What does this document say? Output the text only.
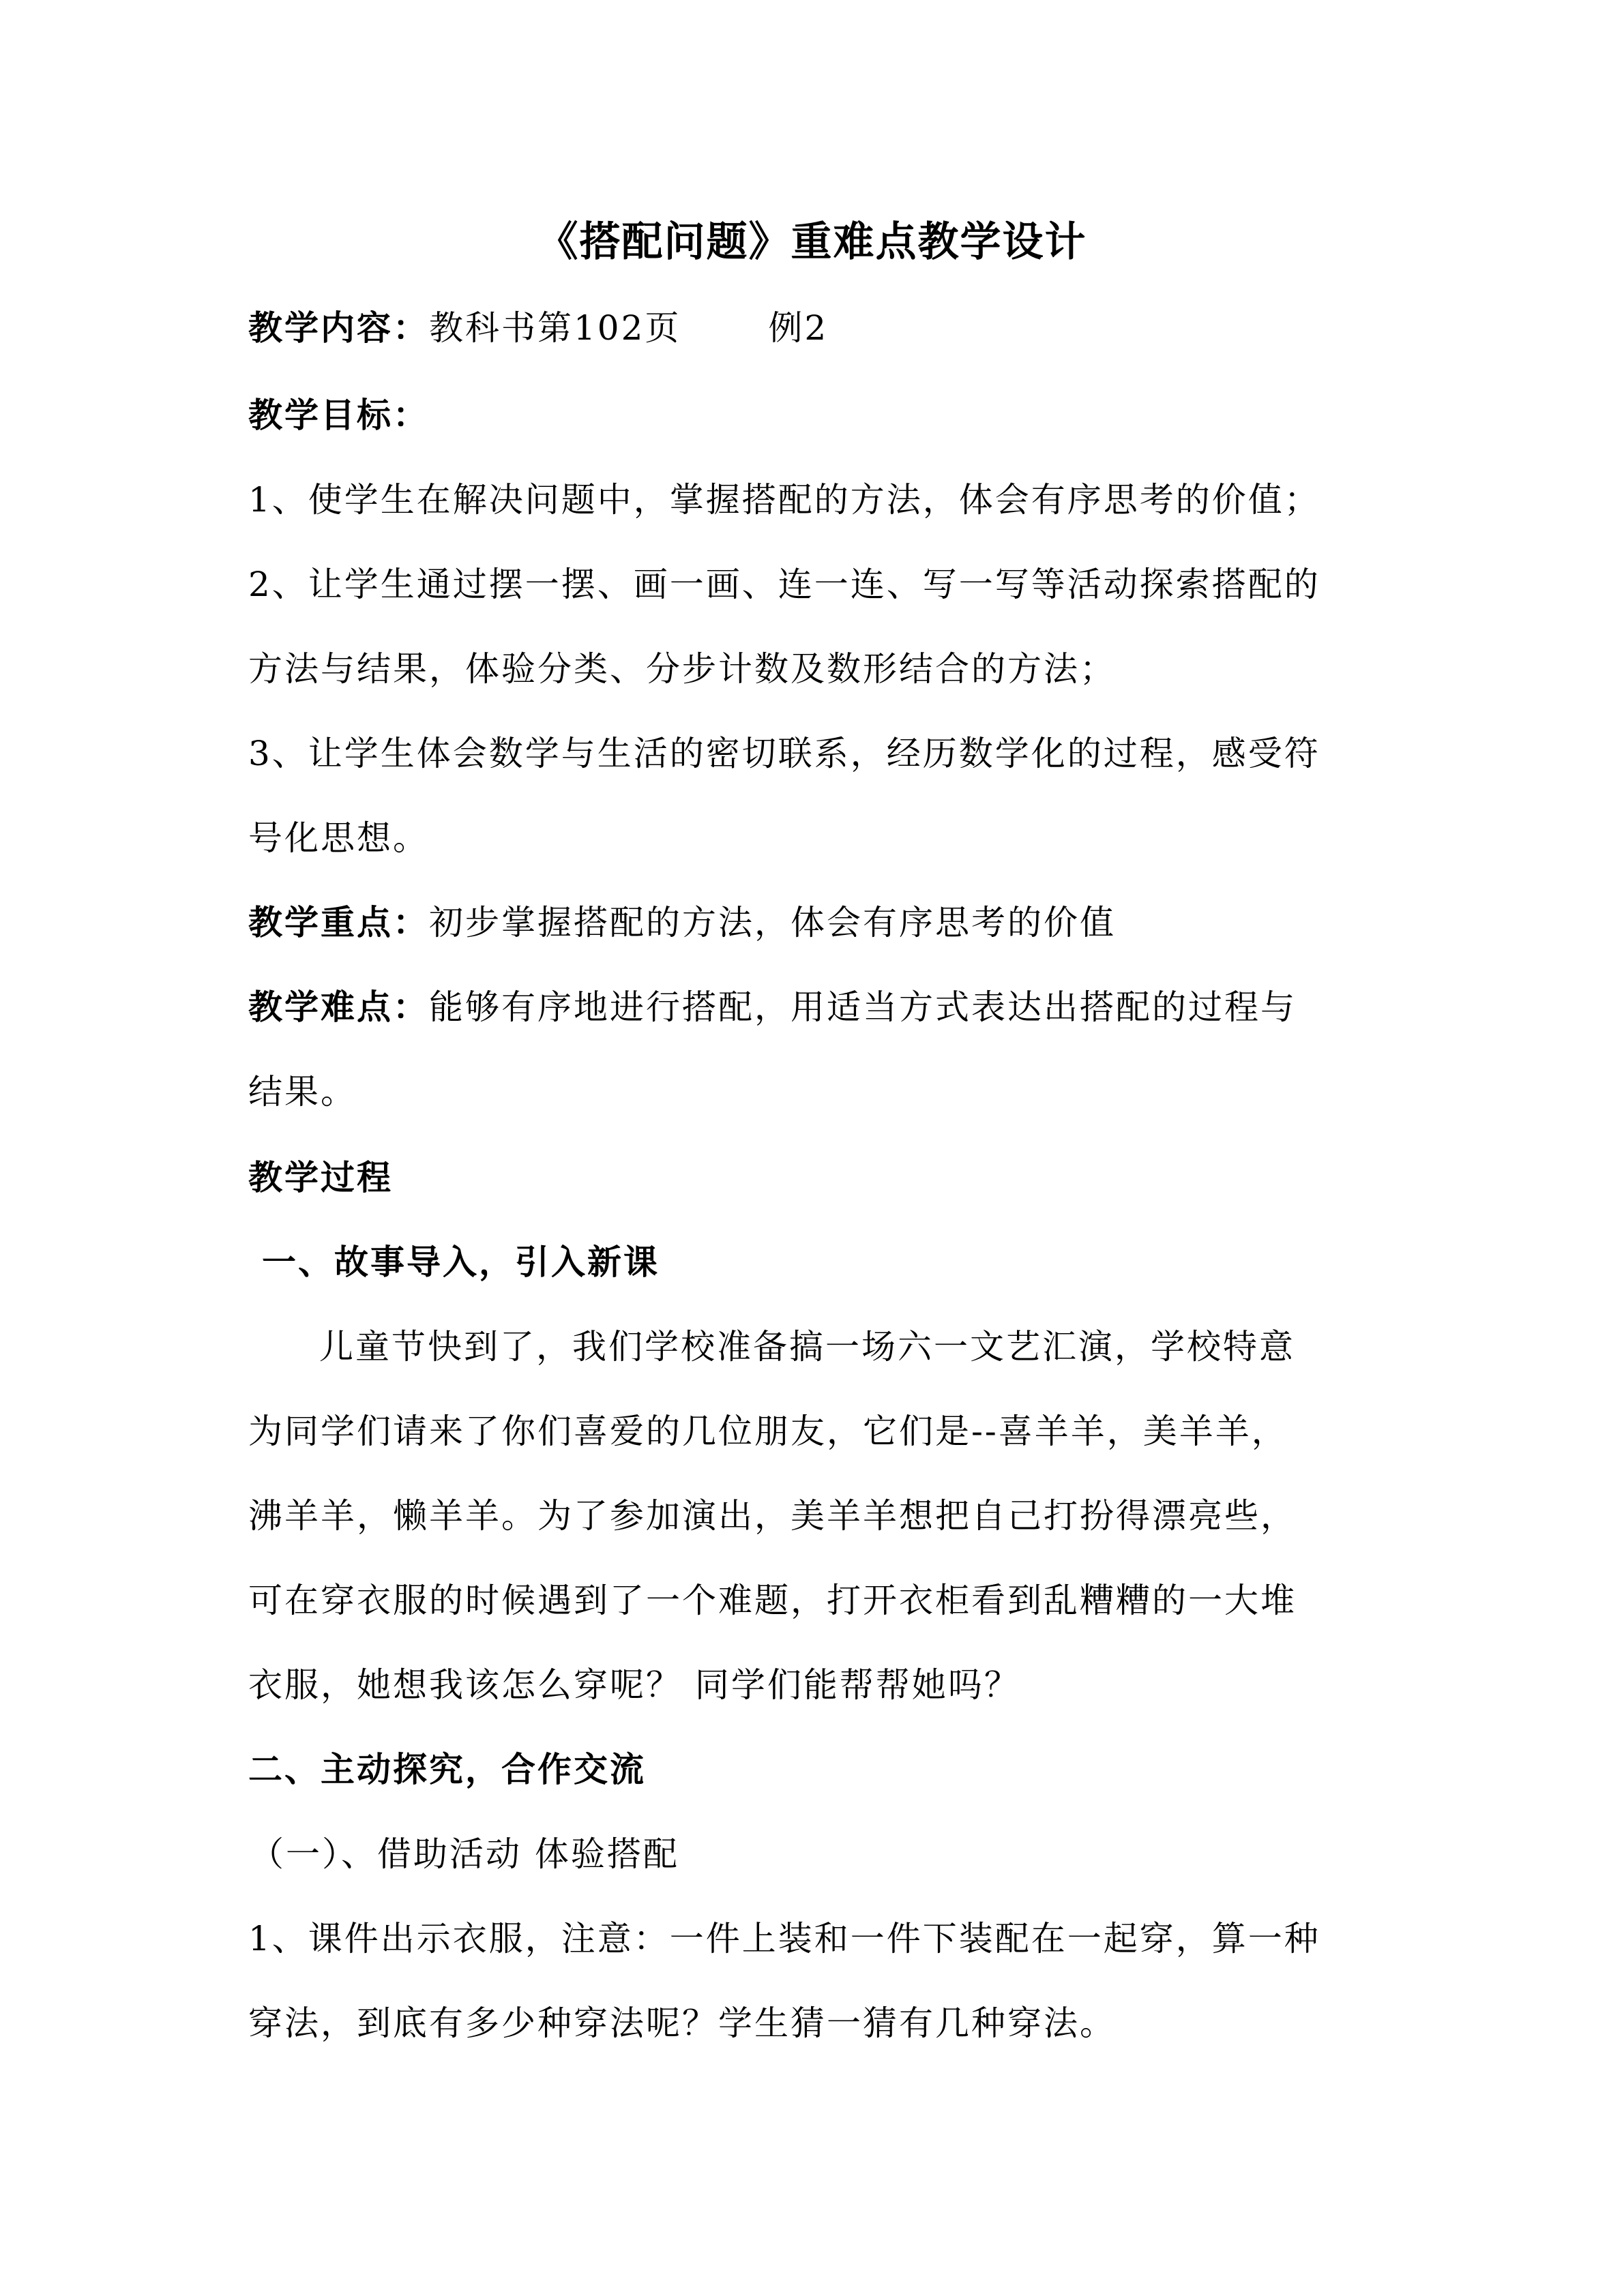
《搭配问题》重难点教学设计
教学内容：教科书第102页	例2
教学目标：
1、使学生在解决问题中，掌握搭配的方法，体会有序思考的价值；
2、让学生通过摆一摆、画一画、连一连、写一写等活动探索搭配的
方法与结果，体验分类、分步计数及数形结合的方法；
3、让学生体会数学与生活的密切联系，经历数学化的过程，感受符
号化思想。
教学重点：初步掌握搭配的方法，体会有序思考的价值
教学难点：能够有序地进行搭配，用适当方式表达出搭配的过程与
结果。
教学过程
一、故事导入，引入新课
儿童节快到了，我们学校准备搞一场六一文艺汇演，学校特意
为同学们请来了你们喜爱的几位朋友，它们是--喜羊羊，美羊羊，
沸羊羊，懒羊羊。为了参加演出，美羊羊想把自己打扮得漂亮些，
可在穿衣服的时候遇到了一个难题，打开衣柜看到乱糟糟的一大堆
衣服，她想我该怎么穿呢？ 同学们能帮帮她吗？
二、主动探究，合作交流
（一）、借助活动 体验搭配
1、课件出示衣服，注意：一件上装和一件下装配在一起穿，算一种
穿法，到底有多少种穿法呢？学生猜一猜有几种穿法。
